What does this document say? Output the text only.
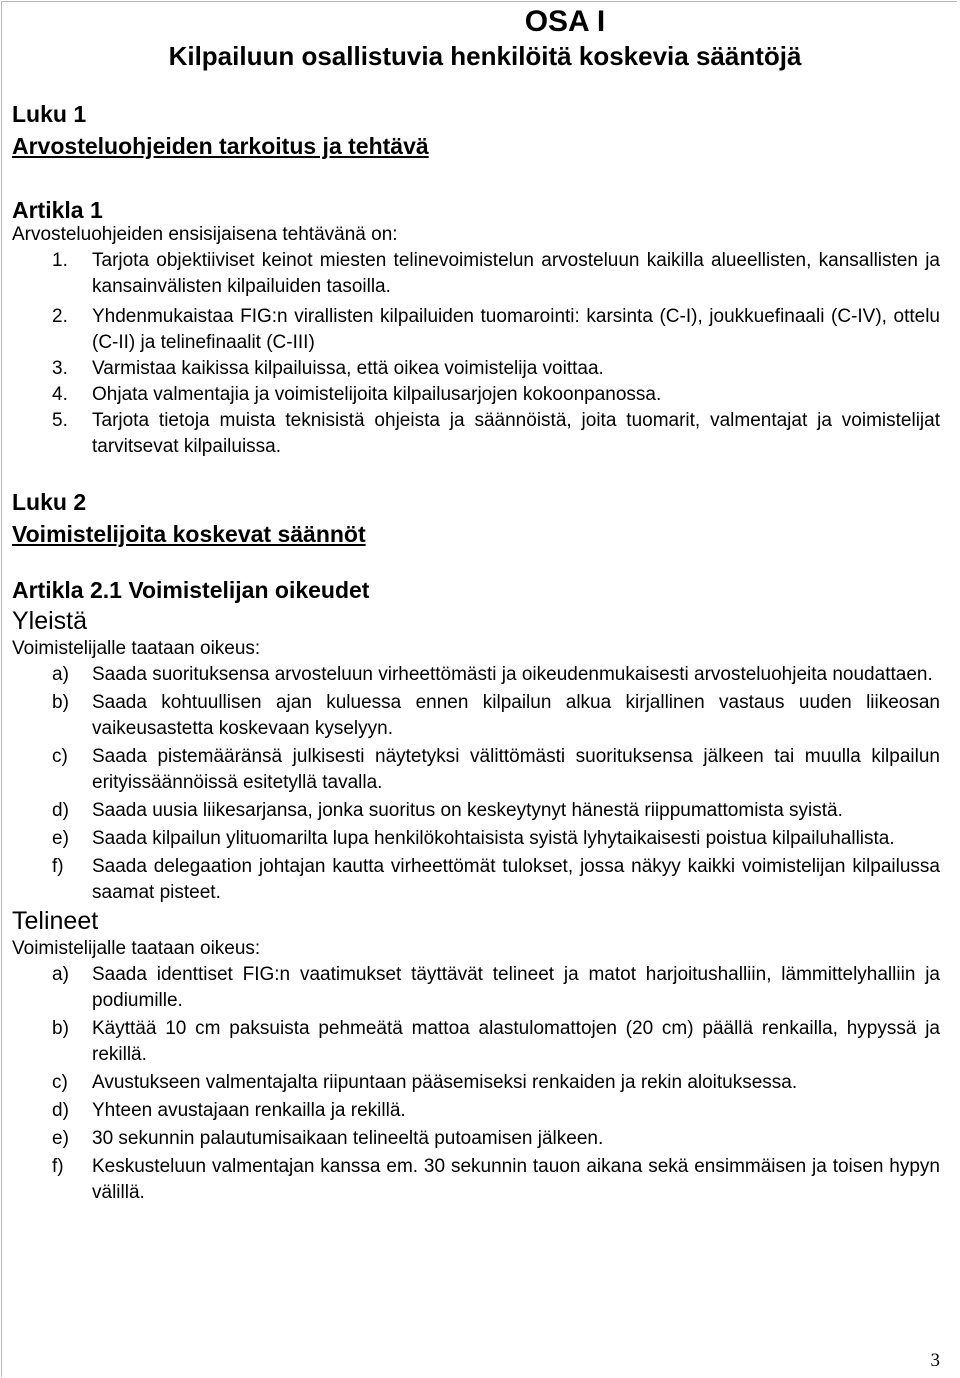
OSA I
Kilpailuun osallistuvia henkilöitä koskevia sääntöjä
Luku 1
Arvosteluohjeiden tarkoitus ja tehtävä
Artikla 1
Arvosteluohjeiden ensisijaisena tehtävänä on:
1.	Tarjota objektiiviset keinot miesten telinevoimistelun arvosteluun kaikilla alueellisten, kansallisten ja kansainvälisten kilpailuiden tasoilla.
2.	Yhdenmukaistaa FIG:n virallisten kilpailuiden tuomarointi: karsinta (C-I), joukkuefinaali (C-IV), ottelu (C-II) ja telinefinaalit (C-III)
3.	Varmistaa kaikissa kilpailuissa, että oikea voimistelija voittaa.
4.	Ohjata valmentajia ja voimistelijoita kilpailusarjojen kokoonpanossa.
5.	Tarjota tietoja muista teknisistä ohjeista ja säännöistä, joita tuomarit, valmentajat ja voimistelijat tarvitsevat kilpailuissa.
Luku 2
Voimistelijoita koskevat säännöt
Artikla 2.1 Voimistelijan oikeudet
Yleistä
Voimistelijalle taataan oikeus:
a)	Saada suorituksensa arvosteluun virheettömästi ja oikeudenmukaisesti arvosteluohjeita noudattaen.
b)	Saada kohtuullisen ajan kuluessa ennen kilpailun alkua kirjallinen vastaus uuden liikeosan vaikeusastetta koskevaan kyselyyn.
c)	Saada pistemääränsä julkisesti näytetyksi välittömästi suorituksensa jälkeen tai muulla kilpailun erityissäännöissä esitetyllä tavalla.
d)	Saada uusia liikesarjansa, jonka suoritus on keskeytynyt hänestä riippumattomista syistä.
e)	Saada kilpailun ylituomarilta lupa henkilökohtaisista syistä lyhytaikaisesti poistua kilpailuhallista.
f)	Saada delegaation johtajan kautta virheettömät tulokset, jossa näkyy kaikki voimistelijan kilpailussa saamat pisteet.
Telineet
Voimistelijalle taataan oikeus:
a)	Saada identtiset FIG:n vaatimukset täyttävät telineet ja matot harjoitushalliin, lämmittelyhalliin ja podiumille.
b)	Käyttää 10 cm paksuista pehmeätä mattoa alastulomattojen (20 cm) päällä renkailla, hypyssä ja rekillä.
c)	Avustukseen valmentajalta riipuntaan pääsemiseksi renkaiden ja rekin aloituksessa.
d)	Yhteen avustajaan renkailla ja rekillä.
e)	30 sekunnin palautumisaikaan telineeltä putoamisen jälkeen.
f)	Keskusteluun valmentajan kanssa em. 30 sekunnin tauon aikana sekä ensimmäisen ja toisen hypyn välillä.
3
